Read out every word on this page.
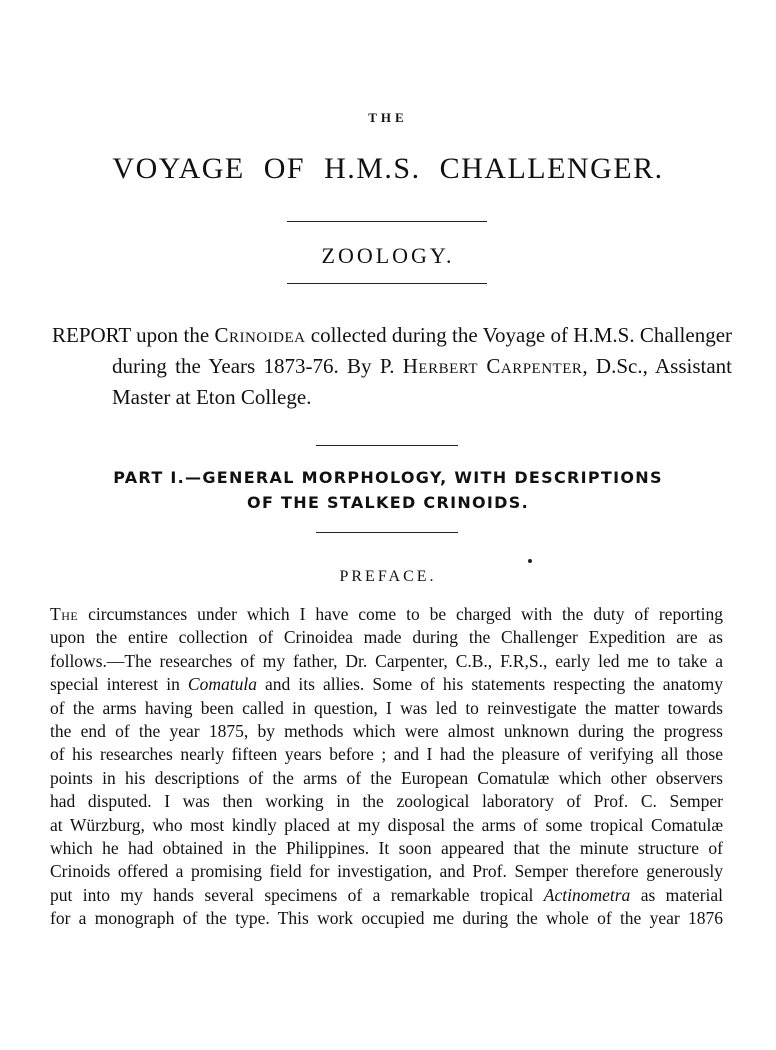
THE
VOYAGE OF H.M.S. CHALLENGER.
ZOOLOGY.
REPORT upon the Crinoidea collected during the Voyage of H.M.S. Challenger during the Years 1873-76. By P. Herbert Carpenter, D.Sc., Assistant Master at Eton College.
PART I.—GENERAL MORPHOLOGY, WITH DESCRIPTIONS
OF THE STALKED CRINOIDS.
PREFACE.
The circumstances under which I have come to be charged with the duty of reporting
upon the entire collection of Crinoidea made during the Challenger Expedition are as
follows.—The researches of my father, Dr. Carpenter, C.B., F.R,S., early led me to take a
special interest in Comatula and its allies. Some of his statements respecting the anatomy
of the arms having been called in question, I was led to reinvestigate the matter towards
the end of the year 1875, by methods which were almost unknown during the progress
of his researches nearly fifteen years before ; and I had the pleasure of verifying all those
points in his descriptions of the arms of the European Comatulæ which other observers
had disputed. I was then working in the zoological laboratory of Prof. C. Semper
at Würzburg, who most kindly placed at my disposal the arms of some tropical Comatulæ
which he had obtained in the Philippines. It soon appeared that the minute structure of
Crinoids offered a promising field for investigation, and Prof. Semper therefore generously
put into my hands several specimens of a remarkable tropical Actinometra as material
for a monograph of the type. This work occupied me during the whole of the year 1876
